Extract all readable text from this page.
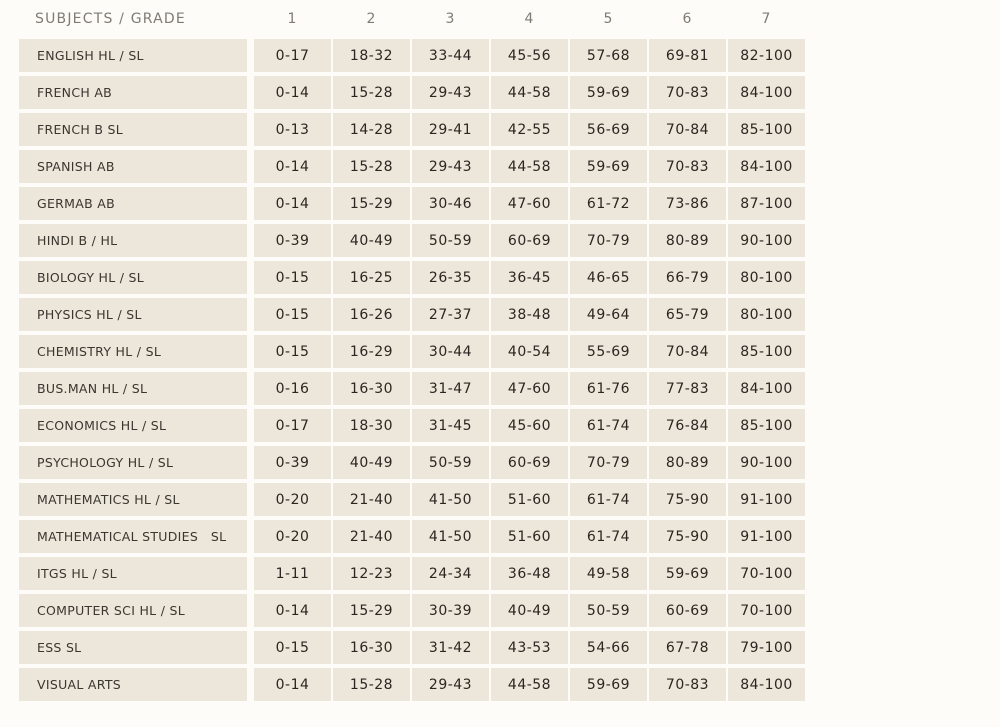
SUBJECTS / GRADE		1	2	3	4	5	6	7
ENGLISH HL / SL		0-17	18-32	33-44	45-56	57-68	69-81	82-100
FRENCH AB		0-14	15-28	29-43	44-58	59-69	70-83	84-100
FRENCH B SL		0-13	14-28	29-41	42-55	56-69	70-84	85-100
SPANISH AB		0-14	15-28	29-43	44-58	59-69	70-83	84-100
GERMAB AB		0-14	15-29	30-46	47-60	61-72	73-86	87-100
HINDI B / HL		0-39	40-49	50-59	60-69	70-79	80-89	90-100
BIOLOGY HL / SL		0-15	16-25	26-35	36-45	46-65	66-79	80-100
PHYSICS HL / SL		0-15	16-26	27-37	38-48	49-64	65-79	80-100
CHEMISTRY HL / SL		0-15	16-29	30-44	40-54	55-69	70-84	85-100
BUS.MAN HL / SL		0-16	16-30	31-47	47-60	61-76	77-83	84-100
ECONOMICS HL / SL		0-17	18-30	31-45	45-60	61-74	76-84	85-100
PSYCHOLOGY HL / SL		0-39	40-49	50-59	60-69	70-79	80-89	90-100
MATHEMATICS HL / SL		0-20	21-40	41-50	51-60	61-74	75-90	91-100
MATHEMATICAL STUDIES   SL		0-20	21-40	41-50	51-60	61-74	75-90	91-100
ITGS HL / SL		1-11	12-23	24-34	36-48	49-58	59-69	70-100
COMPUTER SCI HL / SL		0-14	15-29	30-39	40-49	50-59	60-69	70-100
ESS SL		0-15	16-30	31-42	43-53	54-66	67-78	79-100
VISUAL ARTS		0-14	15-28	29-43	44-58	59-69	70-83	84-100
